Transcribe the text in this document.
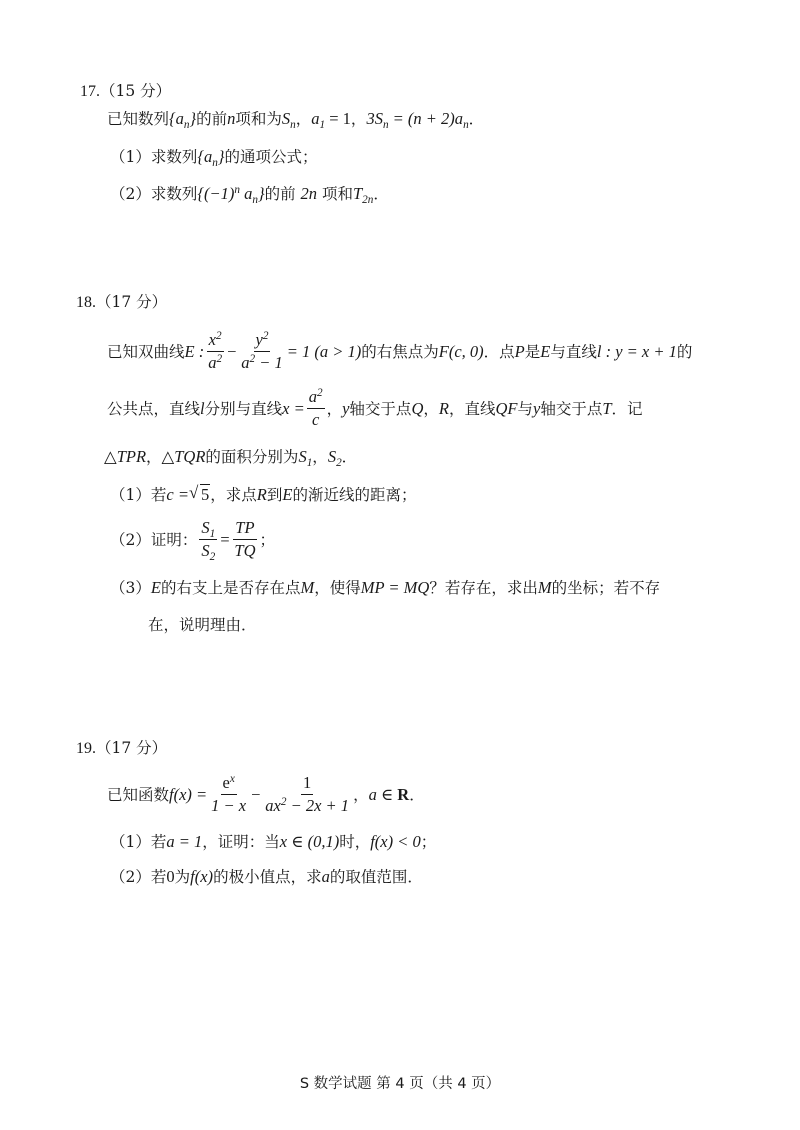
17.（15 分）
已知数列$\{a_n\}$的前n项和为$S_n$，$a_1 = 1$，$3S_n = (n + 2)a_n$．
（1）求数列$\{a_n\}$的通项公式；
（2）求数列{$(-1)^n$ $a_n$}的前 2n 项和$T_{2n}$．
18.（17 分）
已知双曲线 E : $\frac{x^2}{a^2} - \frac{y^2}{a^2 - 1} = 1$ (a > 1) 的右焦点为 F(c, 0) ．点 P 是 E 与直线 l : y = x + 1 的
公共点，直线 l 分别与直线 $x = \frac{a^2}{c}$ ， y 轴交于点 Q ， R ，直线 QF 与 y 轴交于点 T ．记
△TPR，△TQR的面积分别为$S_1$，$S_2$．
（1）若c =√ 5，求点R到E的渐近线的距离；
（2） 证明： $\frac{S_1}{S_2} = \frac{TP}{TQ}$ ；
（3）E的右支上是否存在点M，使得MP = MQ？若存在，求出M的坐标；若不存
在，说明理由．
19.（17 分）
已知函数 $f(x) = \frac{e^x}{1 - x} - \frac{1}{ax^2 - 2x + 1}$ ， a ∈ R ．
（1）若a = 1，证明：当x ∈ (0,1)时，f(x) < 0；
（2）若0为f(x)的极小值点，求a的取值范围．
S 数学试题 第 4 页（共 4 页）
